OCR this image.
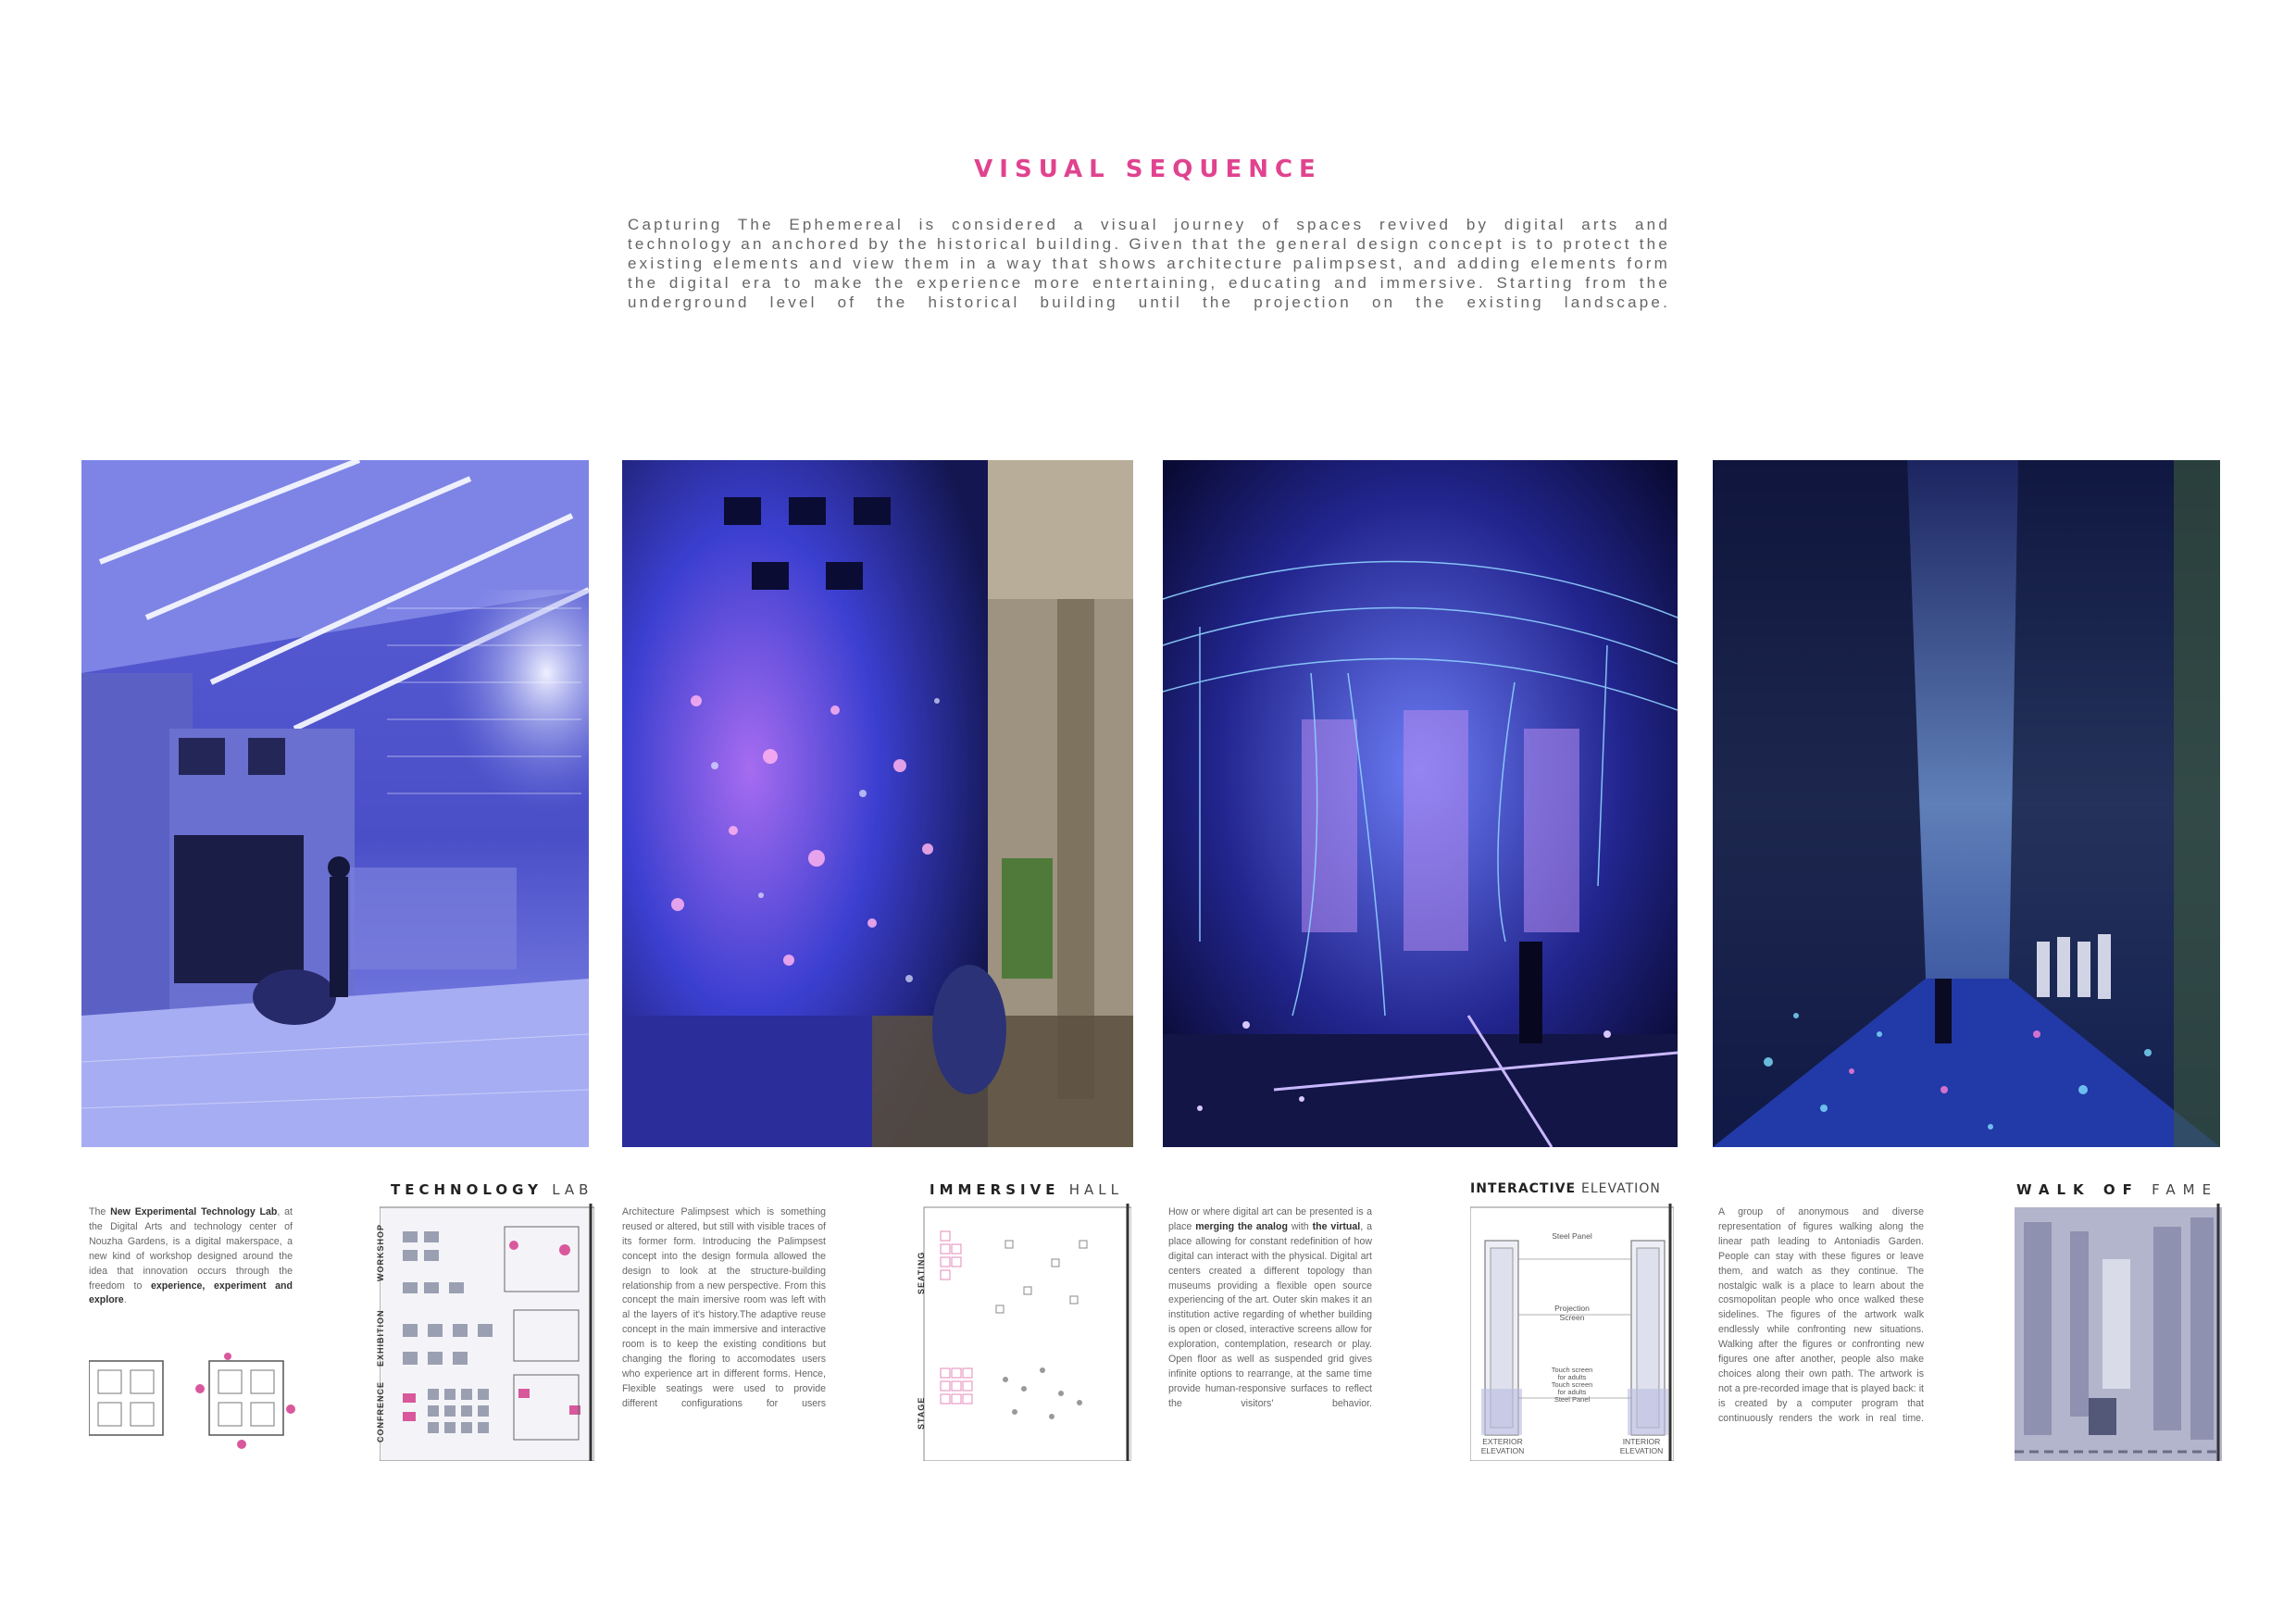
VISUAL SEQUENCE
Capturing The Ephemereal is considered a visual journey of spaces revived by digital arts and technology an anchored by the historical building. Given that the general design concept is to protect the existing elements and view them in a way that shows architecture palimpsest, and adding elements form the digital era to make the experience more entertaining, educating and immersive. Starting from the underground level of the historical building until the projection on the existing landscape.
The New Experimental Technology Lab, at the Digital Arts and technology center of Nouzha Gardens, is a digital makerspace, a new kind of workshop designed around the idea that innovation occurs through the freedom to experience, experiment and explore.
TECHNOLOGY LAB
WORKSHOP
EXHIBITION
CONFRENCE
Architecture Palimpsest which is something reused or altered, but still with visible traces of its former form. Introducing the Palimpsest concept into the design formula allowed the design to look at the structure-building relationship from a new perspective. From this concept the main imersive room was left with al the layers of it's history.The adaptive reuse concept in the main immersive and interactive room is to keep the existing conditions but changing the floring to accomodates users who experience art in different forms. Hence, Flexible seatings were used to provide different configurations for users
IMMERSIVE HALL
SEATING
STAGE
How or where digital art can be presented is a place merging the analog with the virtual, a place allowing for constant redefinition of how digital can interact with the physical. Digital art centers created a different topology than museums providing a flexible open source experiencing of the art. Outer skin makes it an institution active regarding of whether building is open or closed, interactive screens allow for exploration, contemplation, research or play. Open floor as well as suspended grid gives infinite options to rearrange, at the same time provide human-responsive surfaces to reflect the visitors' behavior.
INTERACTIVE ELEVATION
Steel Panel
Projection
Screen
Touch screen
for adults
Touch screen
for adults
Steel Panel
EXTERIOR
ELEVATION
INTERIOR
ELEVATION
A group of anonymous and diverse representation of figures walking along the linear path leading to Antoniadis Garden. People can stay with these figures or leave them, and watch as they continue. The nostalgic walk is a place to learn about the cosmopolitan people who once walked these sidelines. The figures of the artwork walk endlessly while confronting new situations. Walking after the figures or confronting new figures one after another, people also make choices along their own path. The artwork is not a pre-recorded image that is played back: it is created by a computer program that continuously renders the work in real time.
WALK OF FAME
